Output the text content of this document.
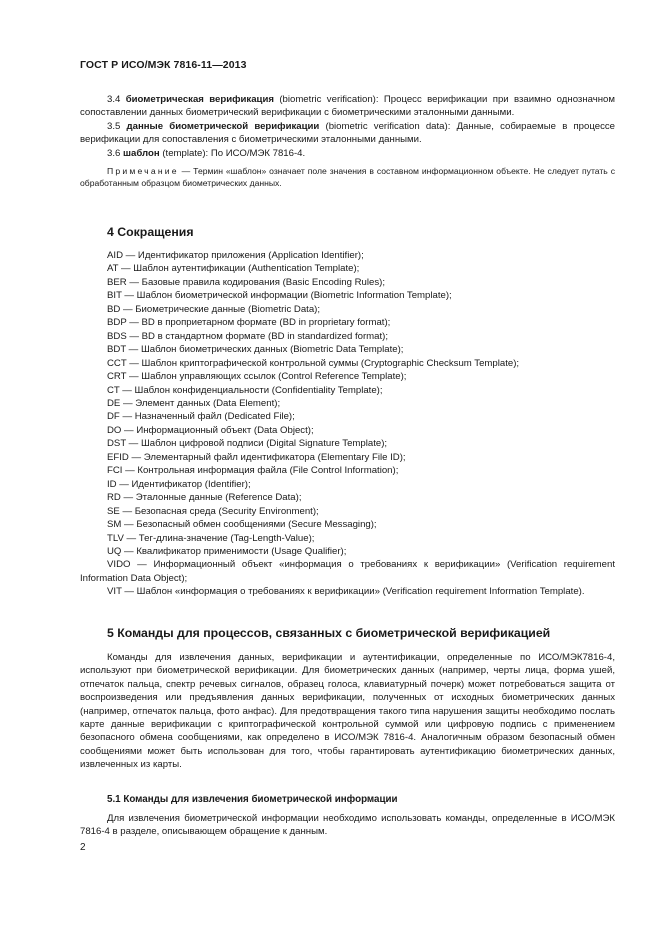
ГОСТ Р ИСО/МЭК 7816-11—2013

3.4 биометрическая верификация (biometric verification): Процесс верификации при взаимно однозначном сопоставлении данных биометрический верификации с биометрическими эталонными данными.

3.5 данные биометрической верификации (biometric verification data): Данные, собираемые в процессе верификации для сопоставления с биометрическими эталонными данными.

3.6 шаблон (template): По ИСО/МЭК 7816-4.

Примечание — Термин «шаблон» означает поле значения в составном информационном объекте. Не следует путать с обработанным образцом биометрических данных.

4 Сокращения
AID — Идентификатор приложения (Application Identifier);
AT — Шаблон аутентификации (Authentication Template);
BER — Базовые правила кодирования (Basic Encoding Rules);
BIT — Шаблон биометрической информации (Biometric Information Template);
BD — Биометрические данные (Biometric Data);
BDP — BD в проприетарном формате (BD in proprietary format);
BDS — BD в стандартном формате (BD in standardized format);
BDT — Шаблон биометрических данных (Biometric Data Template);
CCT — Шаблон криптографической контрольной суммы (Cryptographic Checksum Template);
CRT — Шаблон управляющих ссылок (Control Reference Template);
CT — Шаблон конфиденциальности (Confidentiality Template);
DE — Элемент данных (Data Element);
DF — Назначенный файл (Dedicated File);
DO — Информационный объект (Data Object);
DST — Шаблон цифровой подписи (Digital Signature Template);
EFID — Элементарный файл идентификатора (Elementary File ID);
FCI — Контрольная информация файла (File Control Information);
ID — Идентификатор (Identifier);
RD — Эталонные данные (Reference Data);
SE — Безопасная среда (Security Environment);
SM — Безопасный обмен сообщениями (Secure Messaging);
TLV — Тег-длина-значение (Tag-Length-Value);
UQ — Квалификатор применимости (Usage Qualifier);
VIDO — Информационный объект «информация о требованиях к верификации» (Verification requirement Information Data Object);
VIT — Шаблон «информация о требованиях к верификации» (Verification requirement Information Template).
5 Команды для процессов, связанных с биометрической верификацией

Команды для извлечения данных, верификации и аутентификации, определенные по ИСО/МЭК7816-4, используют при биометрической верификации. Для биометрических данных (например, черты лица, форма ушей, отпечаток пальца, спектр речевых сигналов, образец голоса, клавиатурный почерк) может потребоваться защита от воспроизведения или предъявления данных верификации, полученных от исходных биометрических данных (например, отпечаток пальца, фото анфас). Для предотвращения такого типа нарушения защиты необходимо послать карте данные верификации с криптографической контрольной суммой или цифровую подпись с применением безопасного обмена сообщениями, как определено в ИСО/МЭК 7816-4. Аналогичным образом безопасный обмен сообщениями может быть использован для того, чтобы гарантировать аутентификацию биометрических данных, извлеченных из карты.

5.1 Команды для извлечения биометрической информации

Для извлечения биометрической информации необходимо использовать команды, определенные в ИСО/МЭК 7816-4 в разделе, описывающем обращение к данным.

2
